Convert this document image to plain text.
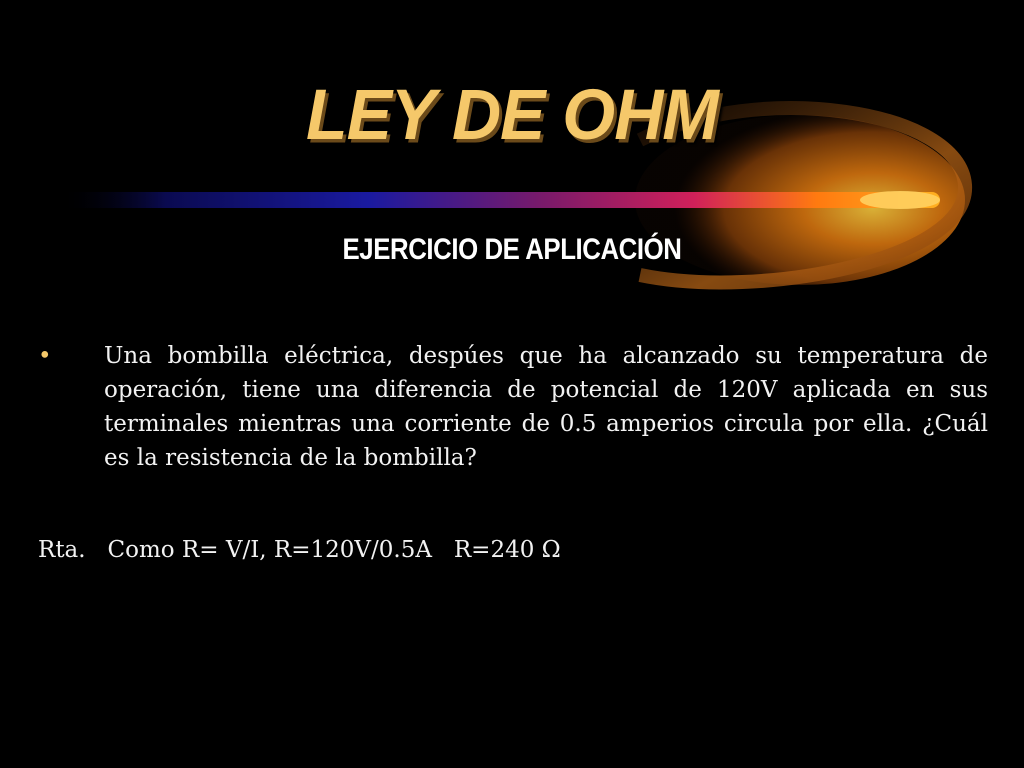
LEY DE OHM
EJERCICIO DE APLICACIÓN
• Una bombilla eléctrica, despúes que ha alcanzado su temperatura de operación, tiene una diferencia de potencial de 120V aplicada en sus terminales mientras una corriente de 0.5 amperios circula por ella. ¿Cuál es la resistencia de la bombilla?
Rta.   Como R= V/I, R=120V/0.5A   R=240 Ω
